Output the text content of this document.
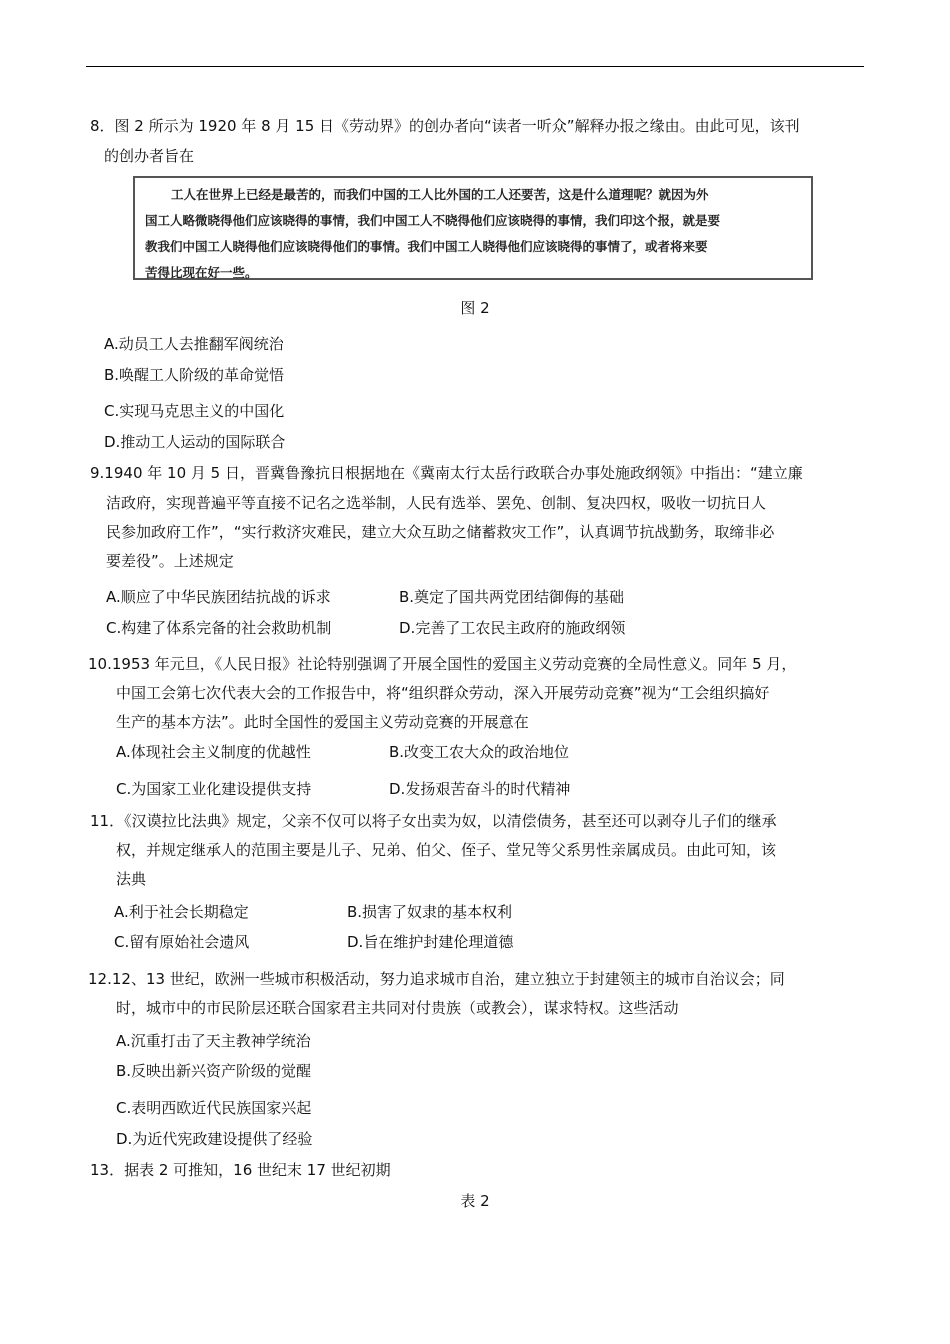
8．图 2 所示为 1920 年 8 月 15 日《劳动界》的创办者向“读者一听众”解释办报之缘由。由此可见，该刊
的创办者旨在
工人在世界上已经是最苦的，而我们中国的工人比外国的工人还要苦，这是什么道理呢？就因为外
国工人略微晓得他们应该晓得的事情，我们中国工人不晓得他们应该晓得的事情，我们印这个报，就是要
教我们中国工人晓得他们应该晓得他们的事情。我们中国工人晓得他们应该晓得的事情了，或者将来要
苦得比现在好一些。
图 2
A.动员工人去推翻军阀统治
B.唤醒工人阶级的革命觉悟
C.实现马克思主义的中国化
D.推动工人运动的国际联合
9.1940 年 10 月 5 日，晋冀鲁豫抗日根据地在《冀南太行太岳行政联合办事处施政纲领》中指出：“建立廉
洁政府，实现普遍平等直接不记名之选举制，人民有选举、罢免、创制、复决四权，吸收一切抗日人
民参加政府工作”，“实行救济灾难民，建立大众互助之储蓄救灾工作”，认真调节抗战勤务，取缔非必
要差役”。上述规定
A.顺应了中华民族团结抗战的诉求	B.奠定了国共两党团结御侮的基础
C.构建了体系完备的社会救助机制	D.完善了工农民主政府的施政纲领
10.1953 年元旦，《人民日报》社论特别强调了开展全国性的爱国主义劳动竞赛的全局性意义。同年 5 月，
中国工会第七次代表大会的工作报告中，将“组织群众劳动，深入开展劳动竞赛”视为“工会组织搞好
生产的基本方法”。此时全国性的爱国主义劳动竞赛的开展意在
A.体现社会主义制度的优越性	B.改变工农大众的政治地位
C.为国家工业化建设提供支持	D.发扬艰苦奋斗的时代精神
11．《汉谟拉比法典》规定，父亲不仅可以将子女出卖为奴，以清偿债务，甚至还可以剥夺儿子们的继承
权，并规定继承人的范围主要是儿子、兄弟、伯父、侄子、堂兄等父系男性亲属成员。由此可知，该
法典
A.利于社会长期稳定	B.损害了奴隶的基本权利
C.留有原始社会遗风	D.旨在维护封建伦理道德
12.12、13 世纪，欧洲一些城市积极活动，努力追求城市自治，建立独立于封建领主的城市自治议会；同
时，城市中的市民阶层还联合国家君主共同对付贵族（或教会），谋求特权。这些活动
A.沉重打击了天主教神学统治
B.反映出新兴资产阶级的觉醒
C.表明西欧近代民族国家兴起
D.为近代宪政建设提供了经验
13．据表 2 可推知，16 世纪末 17 世纪初期
表 2
